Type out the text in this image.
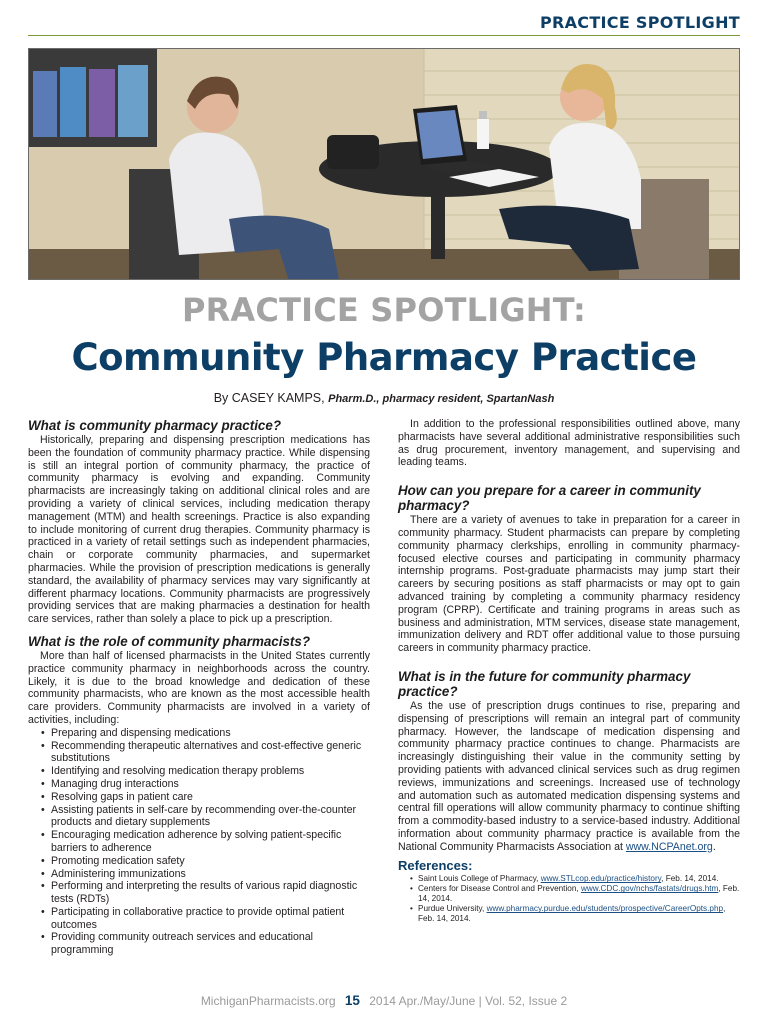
PRACTICE SPOTLIGHT
PRACTICE SPOTLIGHT:
Community Pharmacy Practice
By CASEY KAMPS, Pharm.D., pharmacy resident, SpartanNash
What is community pharmacy practice?

Historically, preparing and dispensing prescription medications has been the foundation of community pharmacy practice. While dispensing is still an integral portion of community pharmacy, the practice of community pharmacy is evolving and expanding. Community pharmacists are increasingly taking on additional clinical roles and are providing a variety of clinical services, including medication therapy management (MTM) and health screenings. Practice is also expanding to include monitoring of current drug therapies. Community pharmacy is practiced in a variety of retail settings such as independent pharmacies, chain or corporate community pharmacies, and supermarket pharmacies. While the provision of prescription medications is generally standard, the availability of pharmacy services may vary significantly at different pharmacy locations. Community pharmacists are progressively providing services that are making pharmacies a destination for health care services, rather than solely a place to pick up a prescription.

What is the role of community pharmacists?

More than half of licensed pharmacists in the United States currently practice community pharmacy in neighborhoods across the country. Likely, it is due to the broad knowledge and dedication of these community pharmacists, who are known as the most accessible health care providers. Community pharmacists are involved in a variety of activities, including:

• Preparing and dispensing medications
• Recommending therapeutic alternatives and cost-effective generic substitutions
• Identifying and resolving medication therapy problems
• Managing drug interactions
• Resolving gaps in patient care
• Assisting patients in self-care by recommending over-the-counter products and dietary supplements
• Encouraging medication adherence by solving patient-specific barriers to adherence
• Promoting medication safety
• Administering immunizations
• Performing and interpreting the results of various rapid diagnostic tests (RDTs)
• Participating in collaborative practice to provide optimal patient outcomes
• Providing community outreach services and educational programming

In addition to the professional responsibilities outlined above, many pharmacists have several additional administrative responsibilities such as drug procurement, inventory management, and supervising and leading teams.

How can you prepare for a career in community pharmacy?

There are a variety of avenues to take in preparation for a career in community pharmacy. Student pharmacists can prepare by completing community pharmacy clerkships, enrolling in community pharmacy-focused elective courses and participating in community pharmacy internship programs. Post-graduate pharmacists may jump start their careers by securing positions as staff pharmacists or may opt to gain advanced training by completing a community pharmacy residency program (CPRP). Certificate and training programs in areas such as business and administration, MTM services, disease state management, immunization delivery and RDT offer additional value to those pursuing careers in community pharmacy practice.

What is in the future for community pharmacy practice?

As the use of prescription drugs continues to rise, preparing and dispensing of prescriptions will remain an integral part of community pharmacy. However, the landscape of medication dispensing and community pharmacy practice continues to change. Pharmacists are increasingly distinguishing their value in the community setting by providing patients with advanced clinical services such as drug regimen reviews, immunizations and screenings. Increased use of technology and automation such as automated medication dispensing systems and central fill operations will allow community pharmacy to continue shifting from a commodity-based industry to a service-based industry. Additional information about community pharmacy practice is available from the National Community Pharmacists Association at www.NCPAnet.org.

References:
• Saint Louis College of Pharmacy, www.STLcop.edu/practice/history, Feb. 14, 2014.
• Centers for Disease Control and Prevention, www.CDC.gov/nchs/fastats/drugs.htm, Feb. 14, 2014.
• Purdue University, www.pharmacy.purdue.edu/students/prospective/CareerOpts.php, Feb. 14, 2014.
MichiganPharmacists.org 15 2014 Apr./May/June | Vol. 52, Issue 2
